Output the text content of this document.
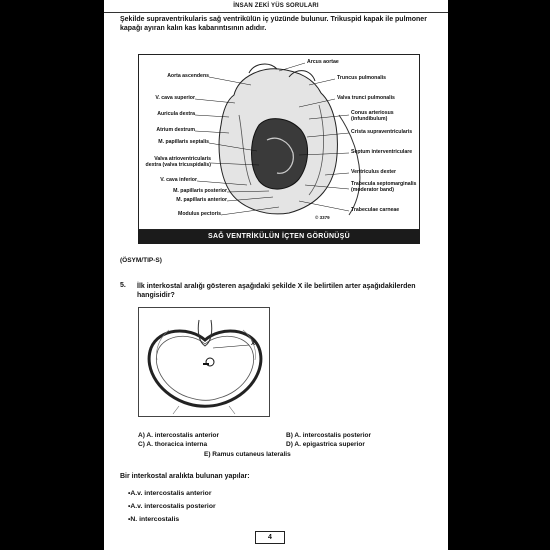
İNSAN ZEKİ YÜS SORULARI
Şekilde supraventrikularis sağ ventrikülün iç yüzünde bulunur. Trikuspid kapak ile pulmoner kapağı ayıran kalın kas kabarıntısının adıdır.
Aorta ascendens
V. cava superior
Auricula dextra
Atrium dextrum
M. papillaris septalis
Valva atrioventricularis dextra (valva tricuspidalis)
V. cava inferior
M. papillaris posterior
M. papillaris anterior
Modulus pectoris
Arcus aortae
Truncus pulmonalis
Valva trunci pulmonalis
Conus arteriosus (infundibulum)
Crista supraventricularis
Septum interventriculare
Ventriculus dexter
Trabecula septomarginalis (moderator band)
Trabeculae carneae
© 3379
SAĞ VENTRİKÜLÜN İÇTEN GÖRÜNÜŞÜ
(ÖSYM/TIP-S)
5. İlk interkostal aralığı gösteren aşağıdaki şekilde X ile belirtilen arter aşağıdakilerden hangisidir?
X
A) A. intercostalis anterior	B) A. intercostalis posterior
C) A. thoracica interna	D) A. epigastrica superior
E) Ramus cutaneus lateralis
Bir interkostal aralıkta bulunan yapılar:
•A.v. intercostalis anterior
•A.v. intercostalis posterior
•N. intercostalis
4
